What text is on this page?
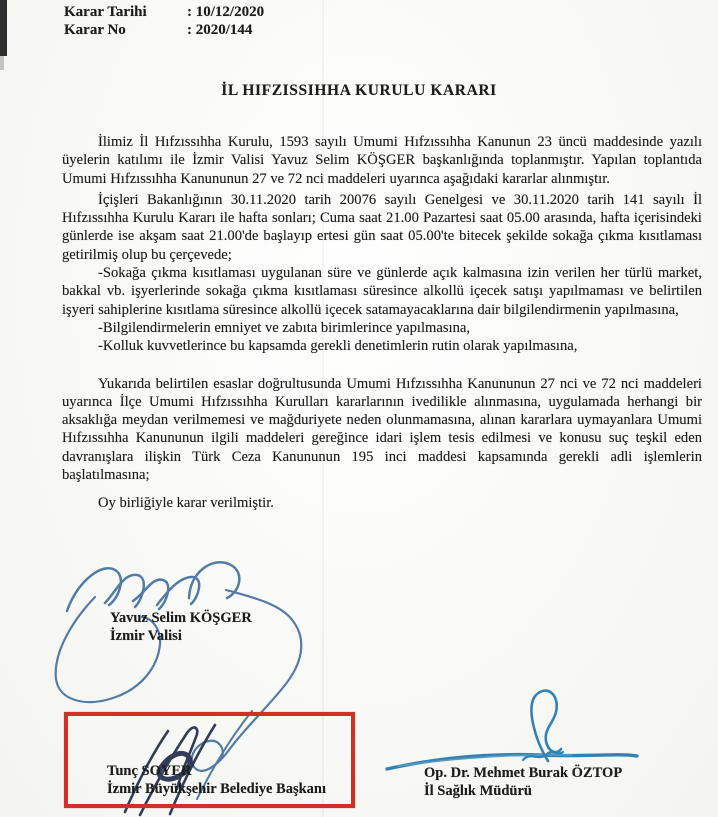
Karar Tarihi	: 10/12/2020
Karar No	: 2020/144
İL HIFZISSIHHA KURULU KARARI

İlimiz İl Hıfzıssıhha Kurulu, 1593 sayılı Umumi Hıfzıssıhha Kanunun 23 üncü maddesinde yazılı üyelerin katılımı ile İzmir Valisi Yavuz Selim KÖŞGER başkanlığında toplanmıştır. Yapılan toplantıda Umumi Hıfzıssıhha Kanununun 27 ve 72 nci maddeleri uyarınca aşağıdaki kararlar alınmıştır.

İçişleri Bakanlığının 30.11.2020 tarih 20076 sayılı Genelgesi ve 30.11.2020 tarih 141 sayılı İl Hıfzıssıhha Kurulu Kararı ile hafta sonları; Cuma saat 21.00 Pazartesi saat 05.00 arasında, hafta içerisindeki günlerde ise akşam saat 21.00'de başlayıp ertesi gün saat 05.00'te bitecek şekilde sokağa çıkma kısıtlaması getirilmiş olup bu çerçevede;

-Sokağa çıkma kısıtlaması uygulanan süre ve günlerde açık kalmasına izin verilen her türlü market, bakkal vb. işyerlerinde sokağa çıkma kısıtlaması süresince alkollü içecek satışı yapılmaması ve belirtilen işyeri sahiplerine kısıtlama süresince alkollü içecek satamayacaklarına dair bilgilendirmenin yapılmasına,

-Bilgilendirmelerin emniyet ve zabıta birimlerince yapılmasına,

-Kolluk kuvvetlerince bu kapsamda gerekli denetimlerin rutin olarak yapılmasına,

Yukarıda belirtilen esaslar doğrultusunda Umumi Hıfzıssıhha Kanununun 27 nci ve 72 nci maddeleri uyarınca İlçe Umumi Hıfzıssıhha Kurulları kararlarının ivedilikle alınmasına, uygulamada herhangi bir aksaklığa meydan verilmemesi ve mağduriyete neden olunmamasına, alınan kararlara uymayanlara Umumi Hıfzıssıhha Kanununun ilgili maddeleri gereğince idari işlem tesis edilmesi ve konusu suç teşkil eden davranışlara ilişkin Türk Ceza Kanununun 195 inci maddesi kapsamında gerekli adli işlemlerin başlatılmasına;

Oy birliğiyle karar verilmiştir.

Yavuz Selim KÖŞGER
İzmir Valisi
Tunç SOYER
İzmir Büyükşehir Belediye Başkanı
Op. Dr. Mehmet Burak ÖZTOP
İl Sağlık Müdürü
